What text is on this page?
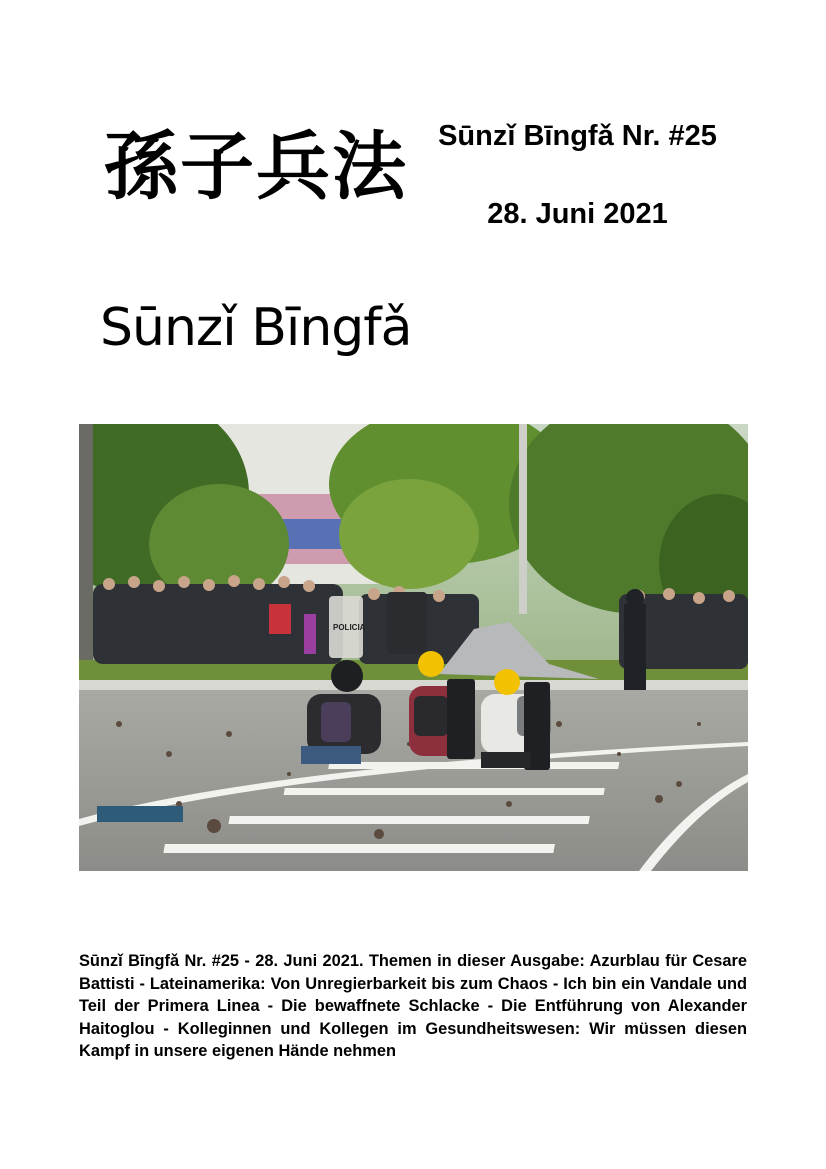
孫子兵法
Sūnzǐ Bīngfǎ
Sūnzǐ Bīngfǎ Nr. #25
28. Juni 2021
POLICIA

Sūnzǐ Bīngfǎ Nr. #25 - 28. Juni 2021. Themen in dieser Ausgabe: Azurblau für Cesare Battisti - Lateinamerika: Von Unregierbarkeit bis zum Chaos - Ich bin ein Vandale und Teil der Primera Linea - Die bewaffnete Schlacke - Die Entführung von Alexander Haitoglou - Kolleginnen und Kollegen im Gesundheitswesen: Wir müssen diesen Kampf in unsere eigenen Hände nehmen
